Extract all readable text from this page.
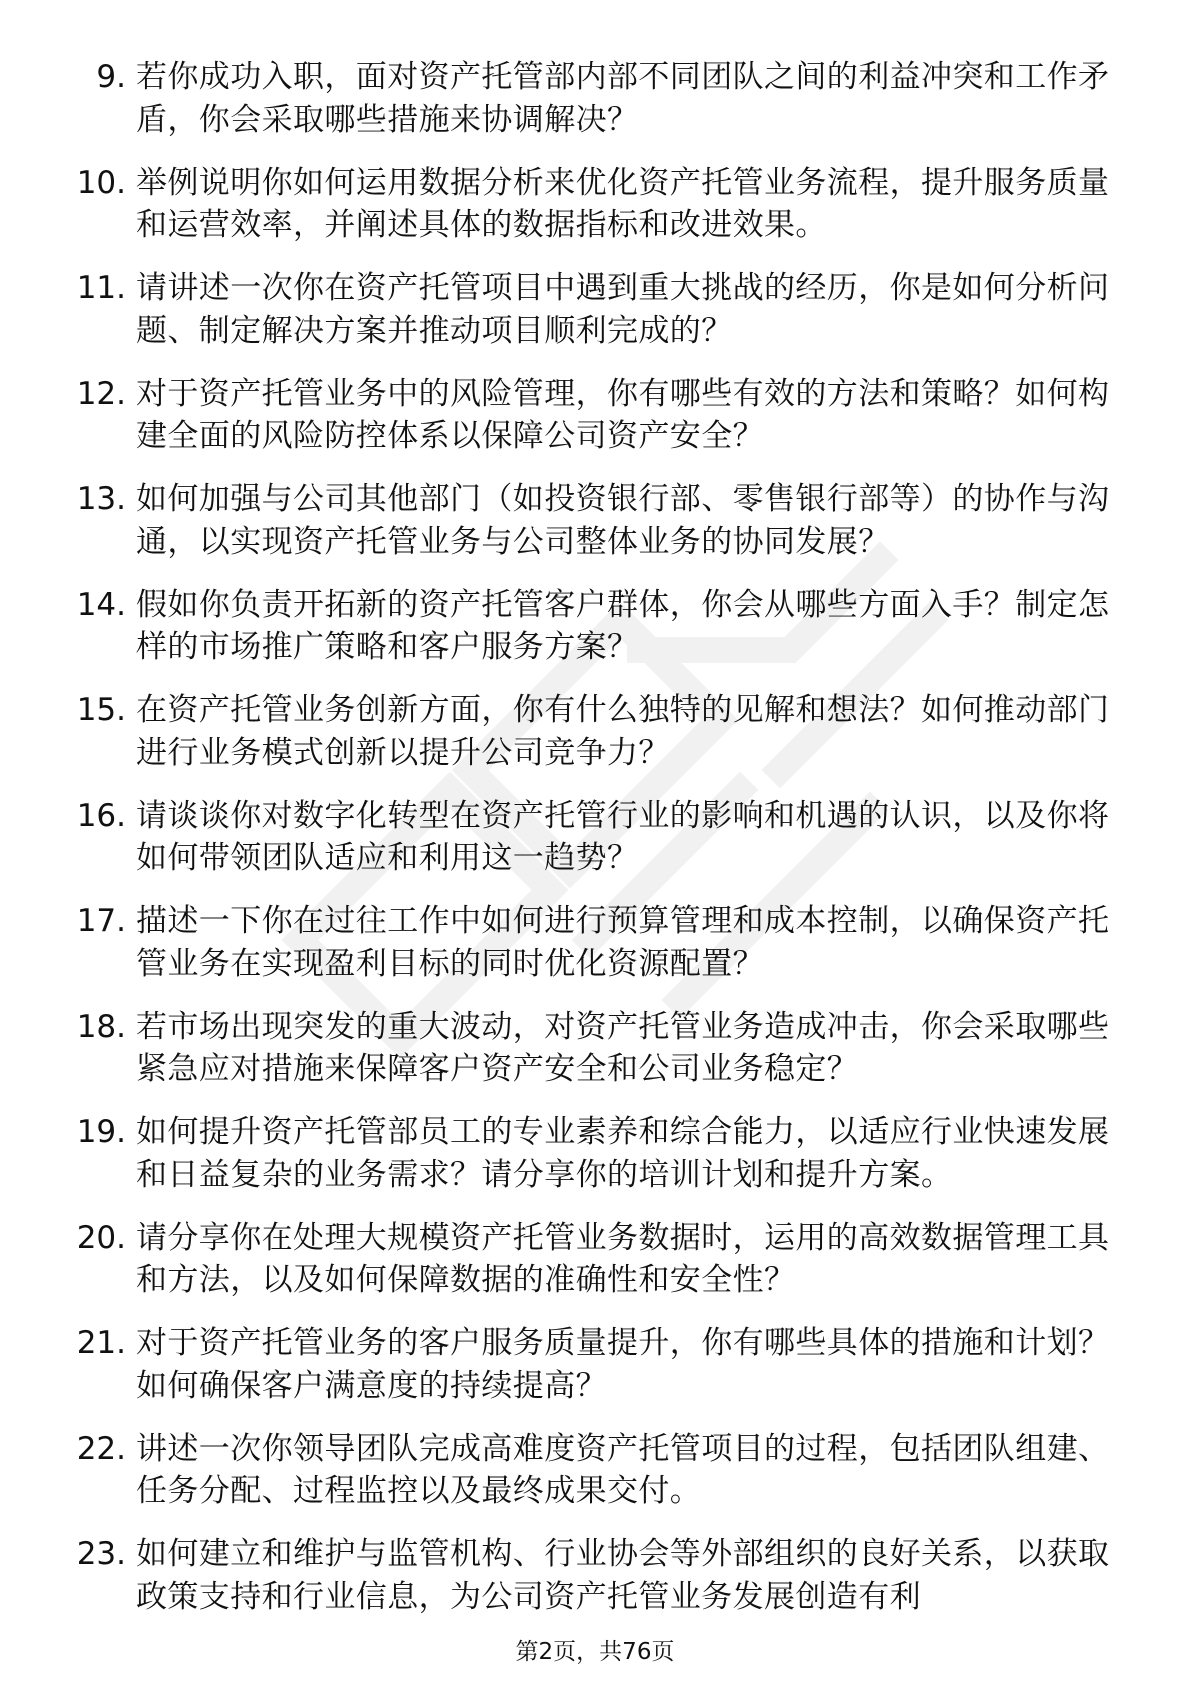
9. 若你成功入职，面对资产托管部内部不同团队之间的利益冲突和工作矛盾，你会采取哪些措施来协调解决？
10. 举例说明你如何运用数据分析来优化资产托管业务流程，提升服务质量和运营效率，并阐述具体的数据指标和改进效果。
11. 请讲述一次你在资产托管项目中遇到重大挑战的经历，你是如何分析问题、制定解决方案并推动项目顺利完成的？
12. 对于资产托管业务中的风险管理，你有哪些有效的方法和策略？如何构建全面的风险防控体系以保障公司资产安全？
13. 如何加强与公司其他部门（如投资银行部、零售银行部等）的协作与沟通，以实现资产托管业务与公司整体业务的协同发展？
14. 假如你负责开拓新的资产托管客户群体，你会从哪些方面入手？制定怎样的市场推广策略和客户服务方案？
15. 在资产托管业务创新方面，你有什么独特的见解和想法？如何推动部门进行业务模式创新以提升公司竞争力？
16. 请谈谈你对数字化转型在资产托管行业的影响和机遇的认识，以及你将如何带领团队适应和利用这一趋势？
17. 描述一下你在过往工作中如何进行预算管理和成本控制，以确保资产托管业务在实现盈利目标的同时优化资源配置？
18. 若市场出现突发的重大波动，对资产托管业务造成冲击，你会采取哪些紧急应对措施来保障客户资产安全和公司业务稳定？
19. 如何提升资产托管部员工的专业素养和综合能力，以适应行业快速发展和日益复杂的业务需求？请分享你的培训计划和提升方案。
20. 请分享你在处理大规模资产托管业务数据时，运用的高效数据管理工具和方法，以及如何保障数据的准确性和安全性？
21. 对于资产托管业务的客户服务质量提升，你有哪些具体的措施和计划？如何确保客户满意度的持续提高？
22. 讲述一次你领导团队完成高难度资产托管项目的过程，包括团队组建、任务分配、过程监控以及最终成果交付。
23. 如何建立和维护与监管机构、行业协会等外部组织的良好关系，以获取政策支持和行业信息，为公司资产托管业务发展创造有利
第2页，共76页
